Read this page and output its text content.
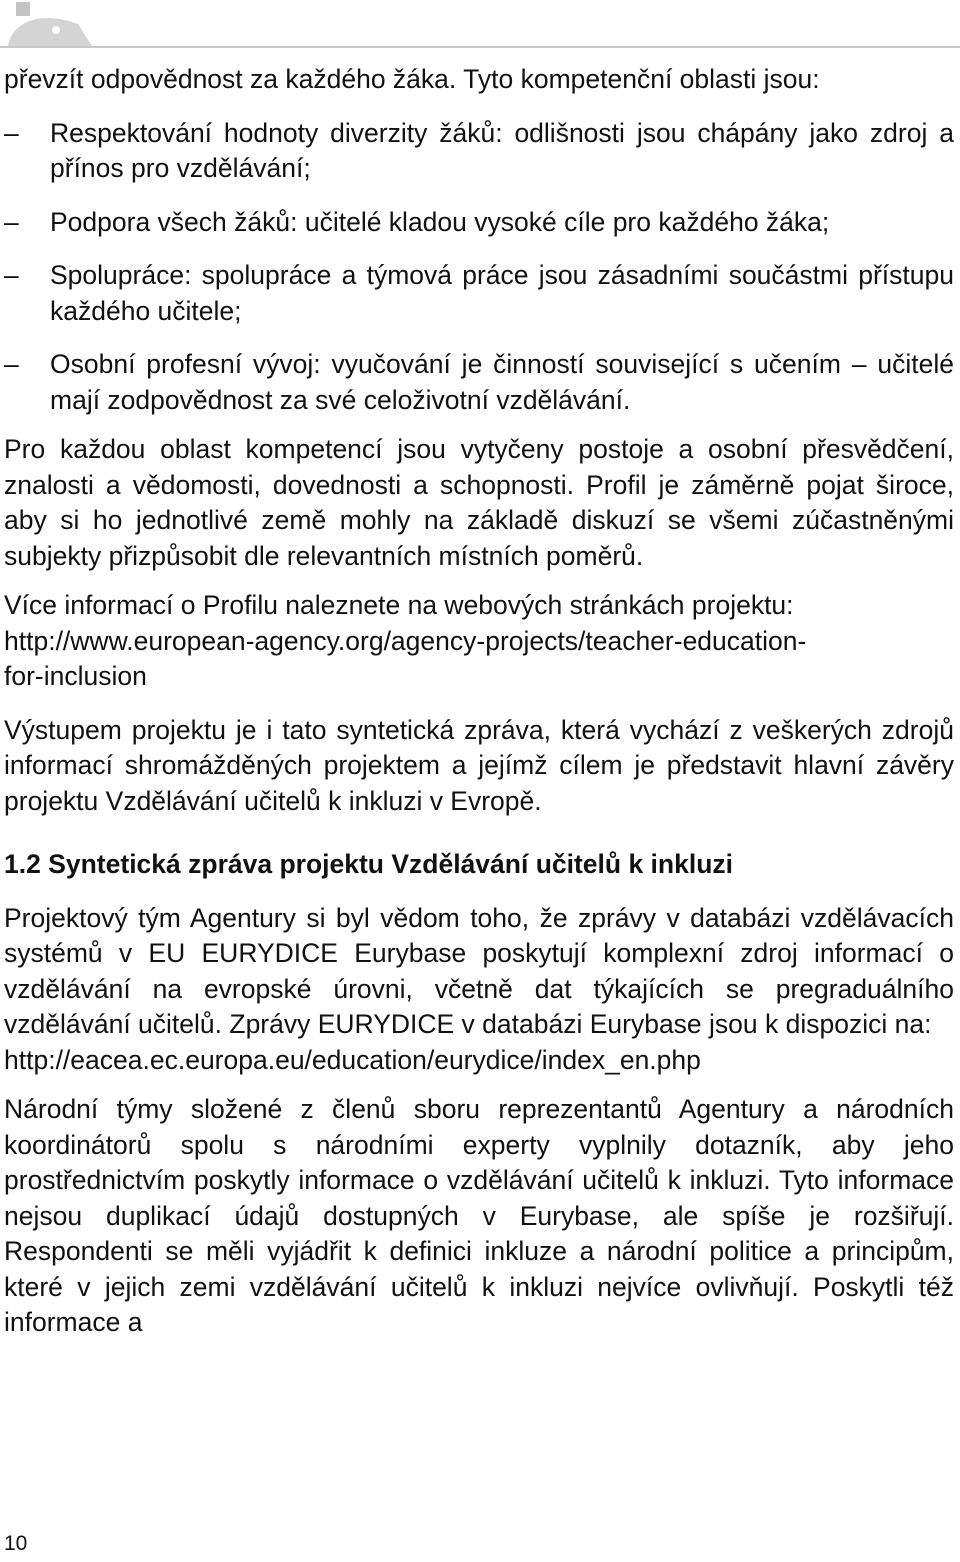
převzít odpovědnost za každého žáka. Tyto kompetenční oblasti jsou:

–	Respektování hodnoty diverzity žáků: odlišnosti jsou chápány jako zdroj a přínos pro vzdělávání;
–	Podpora všech žáků: učitelé kladou vysoké cíle pro každého žáka;
–	Spolupráce: spolupráce a týmová práce jsou zásadními součástmi přístupu každého učitele;
–	Osobní profesní vývoj: vyučování je činností související s učením – učitelé mají zodpovědnost za své celoživotní vzdělávání.

Pro každou oblast kompetencí jsou vytyčeny postoje a osobní přesvědčení, znalosti a vědomosti, dovednosti a schopnosti. Profil je záměrně pojat široce, aby si ho jednotlivé země mohly na základě diskuzí se všemi zúčastněnými subjekty přizpůsobit dle relevantních místních poměrů.

Více informací o Profilu naleznete na webových stránkách projektu:

http://www.european-agency.org/agency-projects/teacher-education-
for-inclusion

Výstupem projektu je i tato syntetická zpráva, která vychází z veškerých zdrojů informací shromážděných projektem a jejímž cílem je představit hlavní závěry projektu Vzdělávání učitelů k inkluzi v Evropě.

1.2 Syntetická zpráva projektu Vzdělávání učitelů k inkluzi

Projektový tým Agentury si byl vědom toho, že zprávy v databázi vzdělávacích systémů v EU EURYDICE Eurybase poskytují komplexní zdroj informací o vzdělávání na evropské úrovni, včetně dat týkajících se pregraduálního vzdělávání učitelů. Zprávy EURYDICE v databázi Eurybase jsou k dispozici na:

http://eacea.ec.europa.eu/education/eurydice/index_en.php

Národní týmy složené z členů sboru reprezentantů Agentury a národních koordinátorů spolu s národními experty vyplnily dotazník, aby jeho prostřednictvím poskytly informace o vzdělávání učitelů k inkluzi. Tyto informace nejsou duplikací údajů dostupných v Eurybase, ale spíše je rozšiřují. Respondenti se měli vyjádřit k definici inkluze a národní politice a principům, které v jejich zemi vzdělávání učitelů k inkluzi nejvíce ovlivňují. Poskytli též informace a

10
